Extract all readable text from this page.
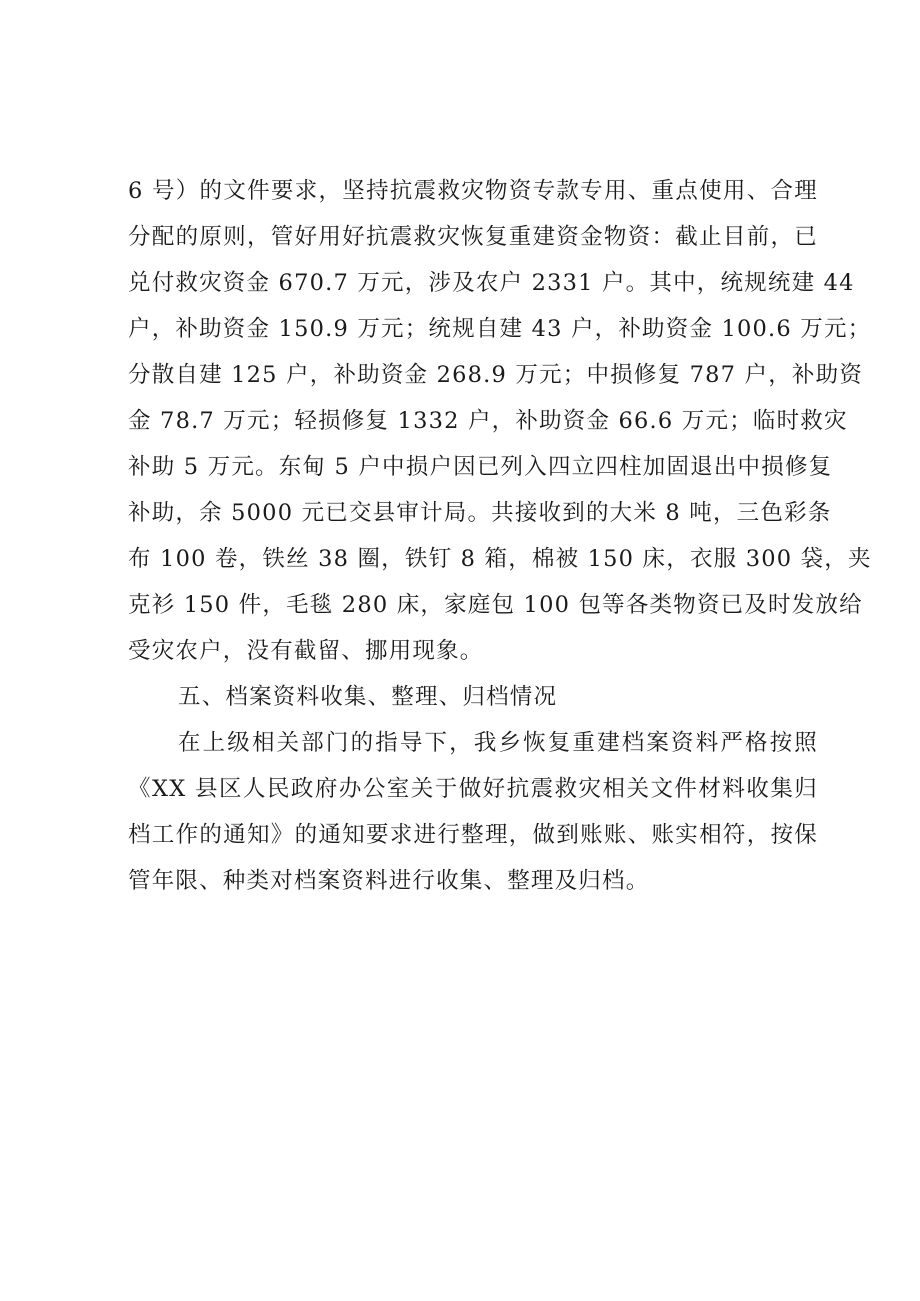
6 号）的文件要求，坚持抗震救灾物资专款专用、重点使用、合理
分配的原则，管好用好抗震救灾恢复重建资金物资：截止目前，已
兑付救灾资金 670.7 万元，涉及农户 2331 户。其中，统规统建 44
户，补助资金 150.9 万元；统规自建 43 户，补助资金 100.6 万元；
分散自建 125 户，补助资金 268.9 万元；中损修复 787 户，补助资
金 78.7 万元；轻损修复 1332 户，补助资金 66.6 万元；临时救灾
补助 5 万元。东甸 5 户中损户因已列入四立四柱加固退出中损修复
补助，余 5000 元已交县审计局。共接收到的大米 8 吨，三色彩条
布 100 卷，铁丝 38 圈，铁钉 8 箱，棉被 150 床，衣服 300 袋，夹
克衫 150 件，毛毯 280 床，家庭包 100 包等各类物资已及时发放给
受灾农户，没有截留、挪用现象。
五、档案资料收集、整理、归档情况
在上级相关部门的指导下，我乡恢复重建档案资料严格按照
《XX 县区人民政府办公室关于做好抗震救灾相关文件材料收集归
档工作的通知》的通知要求进行整理，做到账账、账实相符，按保
管年限、种类对档案资料进行收集、整理及归档。
